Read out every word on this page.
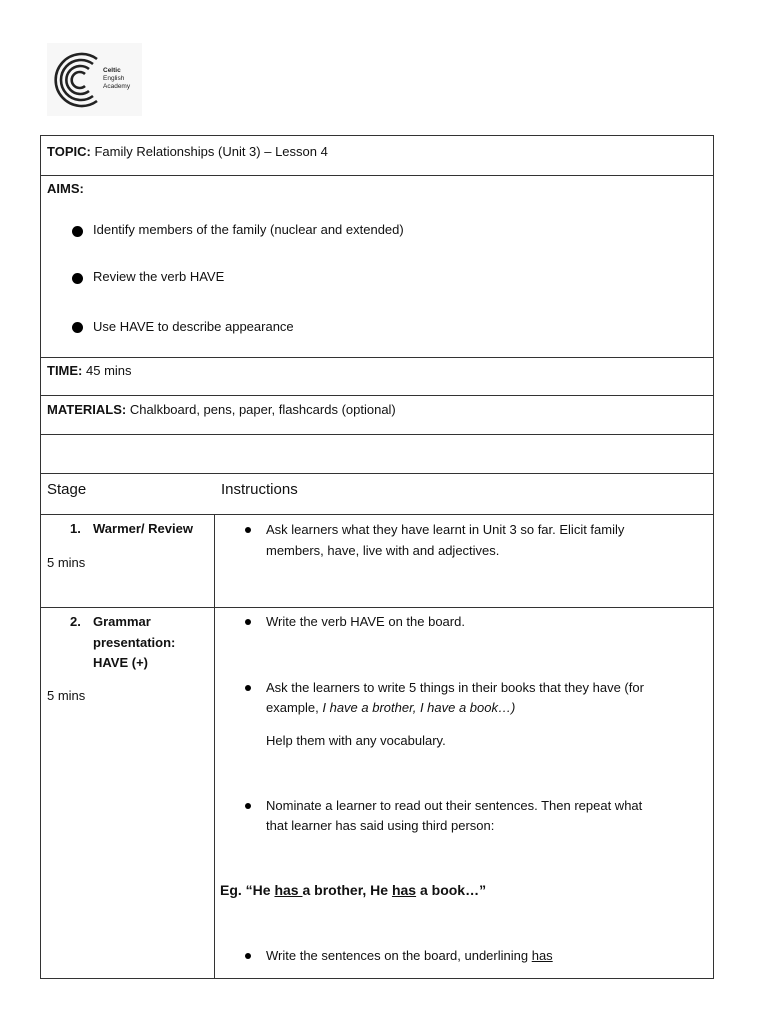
Celtic
English
Academy
TOPIC: Family Relationships (Unit 3) – Lesson 4
AIMS:
Identify members of the family (nuclear and extended)
Review the verb HAVE
Use HAVE to describe appearance
TIME: 45 mins
MATERIALS: Chalkboard, pens, paper, flashcards (optional)
Stage	Instructions
1. Warmer/ Review
5 mins
Ask learners what they have learnt in Unit 3 so far. Elicit family
members, have, live with and adjectives.
2. Grammar
presentation:
HAVE (+)
5 mins
Write the verb HAVE on the board.
Ask the learners to write 5 things in their books that they have (for
example, I have a brother, I have a book…)
Help them with any vocabulary.
Nominate a learner to read out their sentences. Then repeat what
that learner has said using third person:
Eg. “He has a brother, He has a book…”
Write the sentences on the board, underlining has
